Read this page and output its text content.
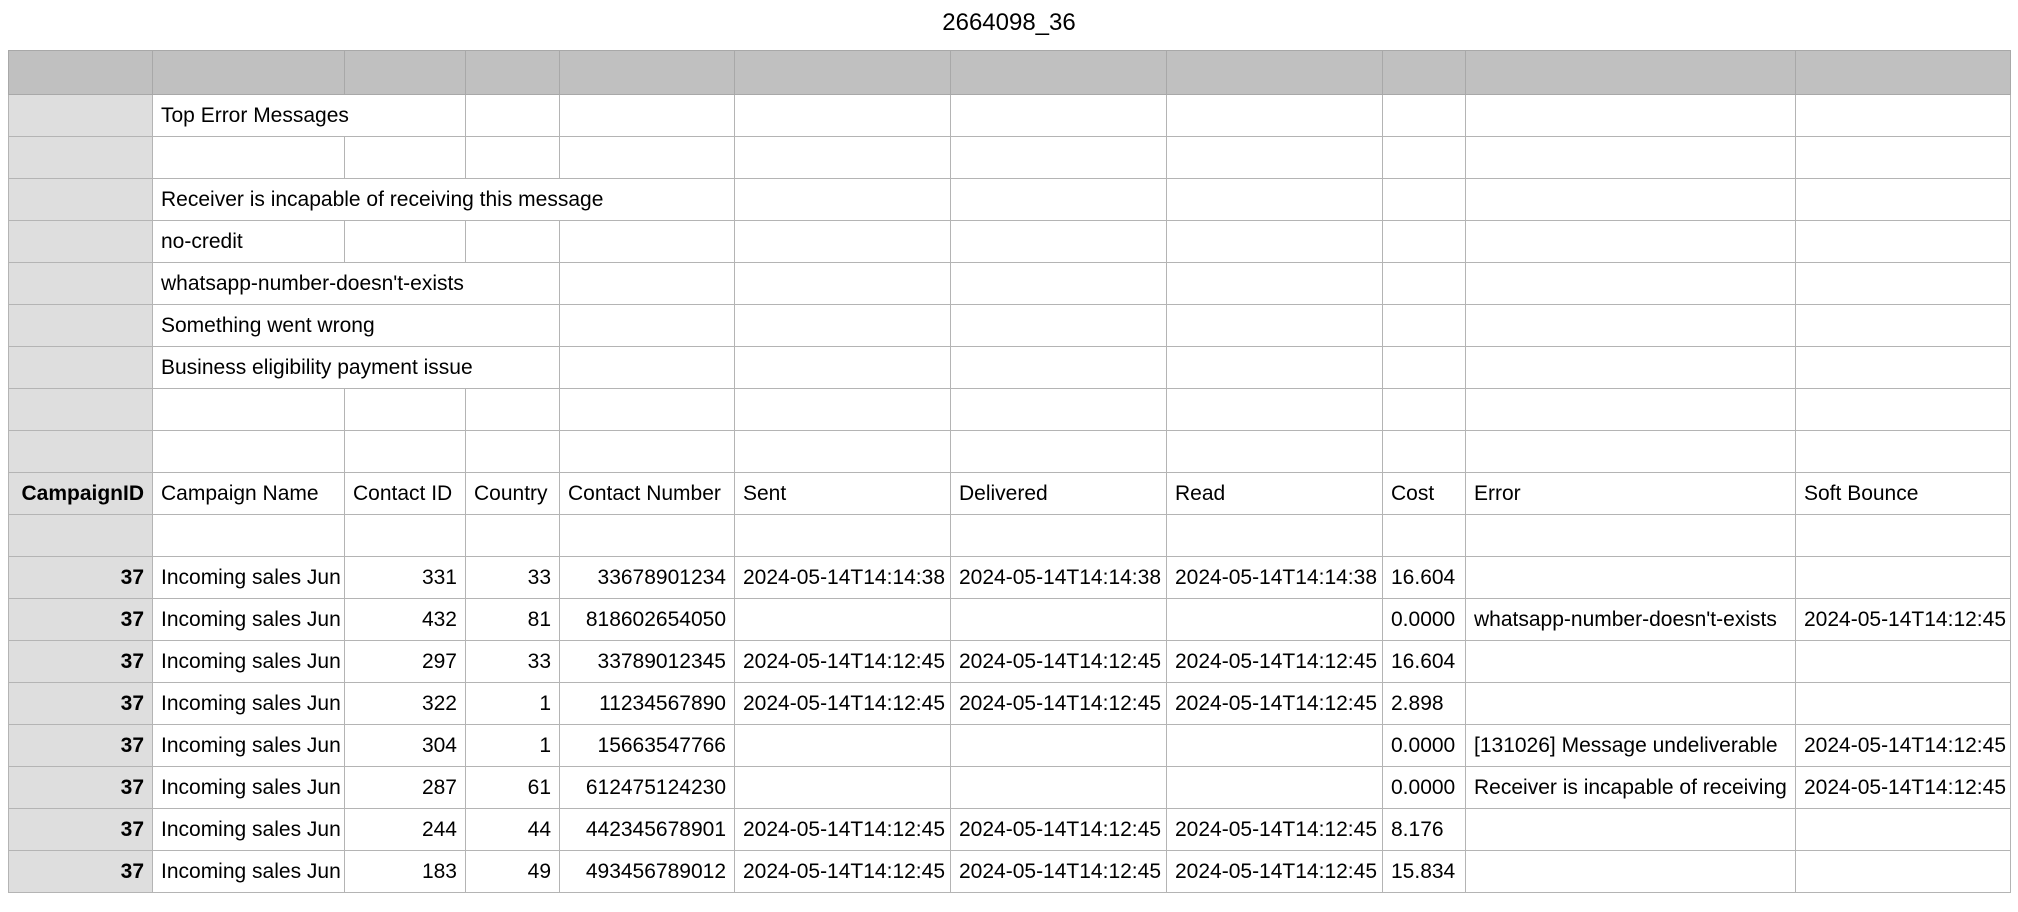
2664098_36

	Top Error Messages									

	Receiver is incapable of receiving this message									
	no-credit									
	whatsapp-number-doesn't-exists									
	Something went wrong									
	Business eligibility payment issue									

CampaignID	Campaign Name	Contact ID	Country	Contact Number	Sent	Delivered	Read	Cost	Error	Soft Bounce

37	Incoming sales Jun	331	33	33678901234	2024-05-14T14:14:38	2024-05-14T14:14:38	2024-05-14T14:14:38	16.604		
37	Incoming sales Jun	432	81	818602654050				0.0000	whatsapp-number-doesn't-exists	2024-05-14T14:12:45
37	Incoming sales Jun	297	33	33789012345	2024-05-14T14:12:45	2024-05-14T14:12:45	2024-05-14T14:12:45	16.604		
37	Incoming sales Jun	322	1	11234567890	2024-05-14T14:12:45	2024-05-14T14:12:45	2024-05-14T14:12:45	2.898		
37	Incoming sales Jun	304	1	15663547766				0.0000	[131026] Message undeliverable	2024-05-14T14:12:45
37	Incoming sales Jun	287	61	612475124230				0.0000	Receiver is incapable of receiving	2024-05-14T14:12:45
37	Incoming sales Jun	244	44	442345678901	2024-05-14T14:12:45	2024-05-14T14:12:45	2024-05-14T14:12:45	8.176		
37	Incoming sales Jun	183	49	493456789012	2024-05-14T14:12:45	2024-05-14T14:12:45	2024-05-14T14:12:45	15.834		
